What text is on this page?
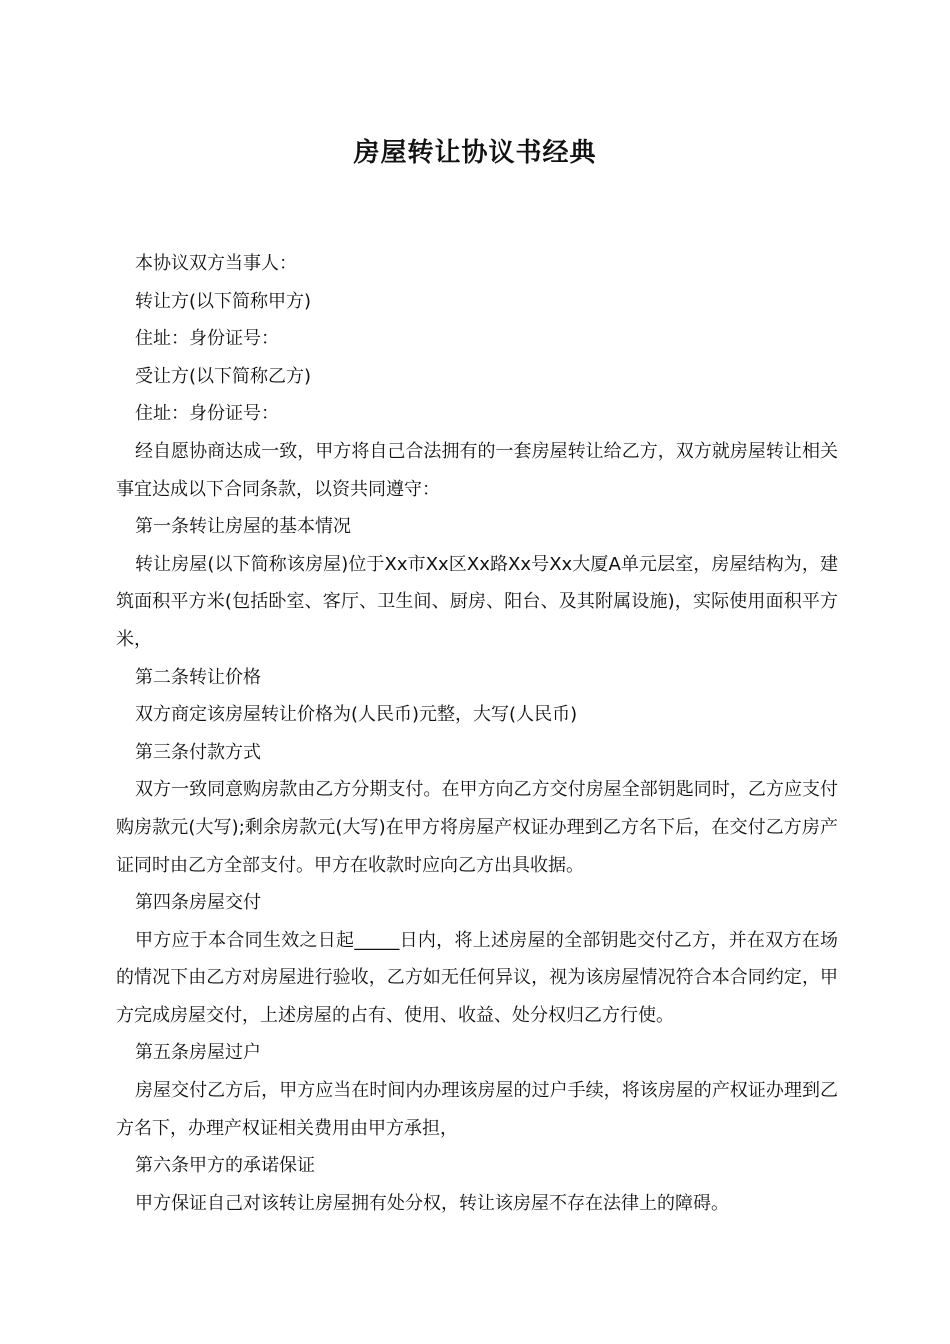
房屋转让协议书经典

本协议双方当事人：

转让方(以下简称甲方)

住址：身份证号：

受让方(以下简称乙方)

住址：身份证号：

经自愿协商达成一致，甲方将自己合法拥有的一套房屋转让给乙方，双方就房屋转让相关事宜达成以下合同条款，以资共同遵守：

第一条转让房屋的基本情况

转让房屋(以下简称该房屋)位于Xx市Xx区Xx路Xx号Xx大厦A单元层室，房屋结构为，建筑面积平方米(包括卧室、客厅、卫生间、厨房、阳台、及其附属设施)，实际使用面积平方米，

第二条转让价格

双方商定该房屋转让价格为(人民币)元整，大写(人民币)

第三条付款方式

双方一致同意购房款由乙方分期支付。在甲方向乙方交付房屋全部钥匙同时，乙方应支付购房款元(大写);剩余房款元(大写)在甲方将房屋产权证办理到乙方名下后，在交付乙方房产证同时由乙方全部支付。甲方在收款时应向乙方出具收据。

第四条房屋交付

甲方应于本合同生效之日起_____日内，将上述房屋的全部钥匙交付乙方，并在双方在场的情况下由乙方对房屋进行验收，乙方如无任何异议，视为该房屋情况符合本合同约定，甲方完成房屋交付，上述房屋的占有、使用、收益、处分权归乙方行使。

第五条房屋过户

房屋交付乙方后，甲方应当在时间内办理该房屋的过户手续，将该房屋的产权证办理到乙方名下，办理产权证相关费用由甲方承担，

第六条甲方的承诺保证

甲方保证自己对该转让房屋拥有处分权，转让该房屋不存在法律上的障碍。
